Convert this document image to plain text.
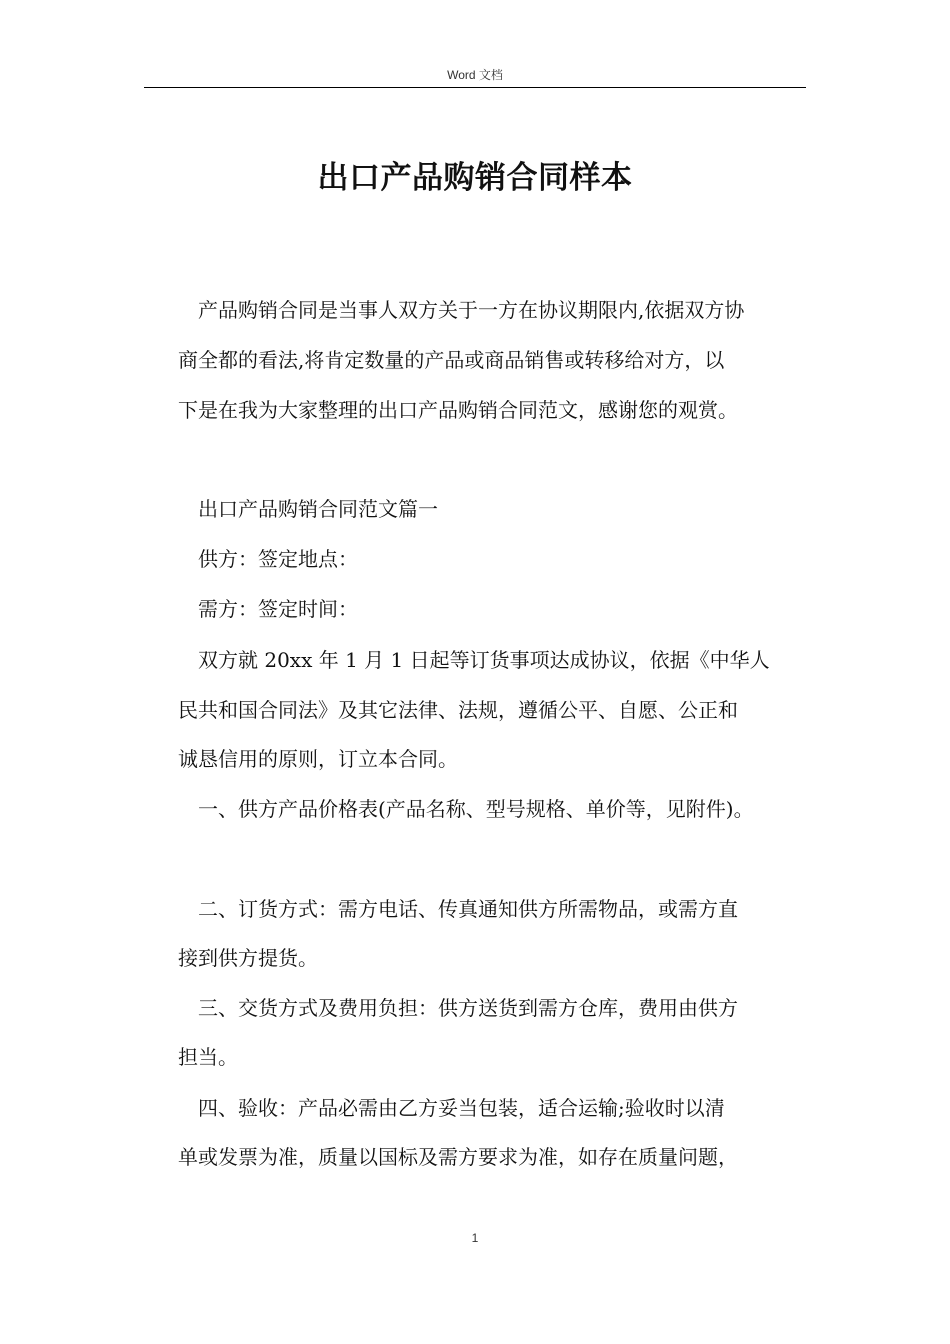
Word 文档
出口产品购销合同样本
　产品购销合同是当事人双方关于一方在协议期限内,依据双方协
商全都的看法,将肯定数量的产品或商品销售或转移给对方，以
下是在我为大家整理的出口产品购销合同范文，感谢您的观赏。
　出口产品购销合同范文篇一
　供方：签定地点：
　需方：签定时间：
　双方就 20xx 年 1 月 1 日起等订货事项达成协议，依据《中华人
民共和国合同法》及其它法律、法规，遵循公平、自愿、公正和
诚恳信用的原则，订立本合同。
　一、供方产品价格表(产品名称、型号规格、单价等，见附件)。
　二、订货方式：需方电话、传真通知供方所需物品，或需方直
接到供方提货。
　三、交货方式及费用负担：供方送货到需方仓库，费用由供方
担当。
　四、验收：产品必需由乙方妥当包装，适合运输;验收时以清
单或发票为准，质量以国标及需方要求为准，如存在质量问题，
1
